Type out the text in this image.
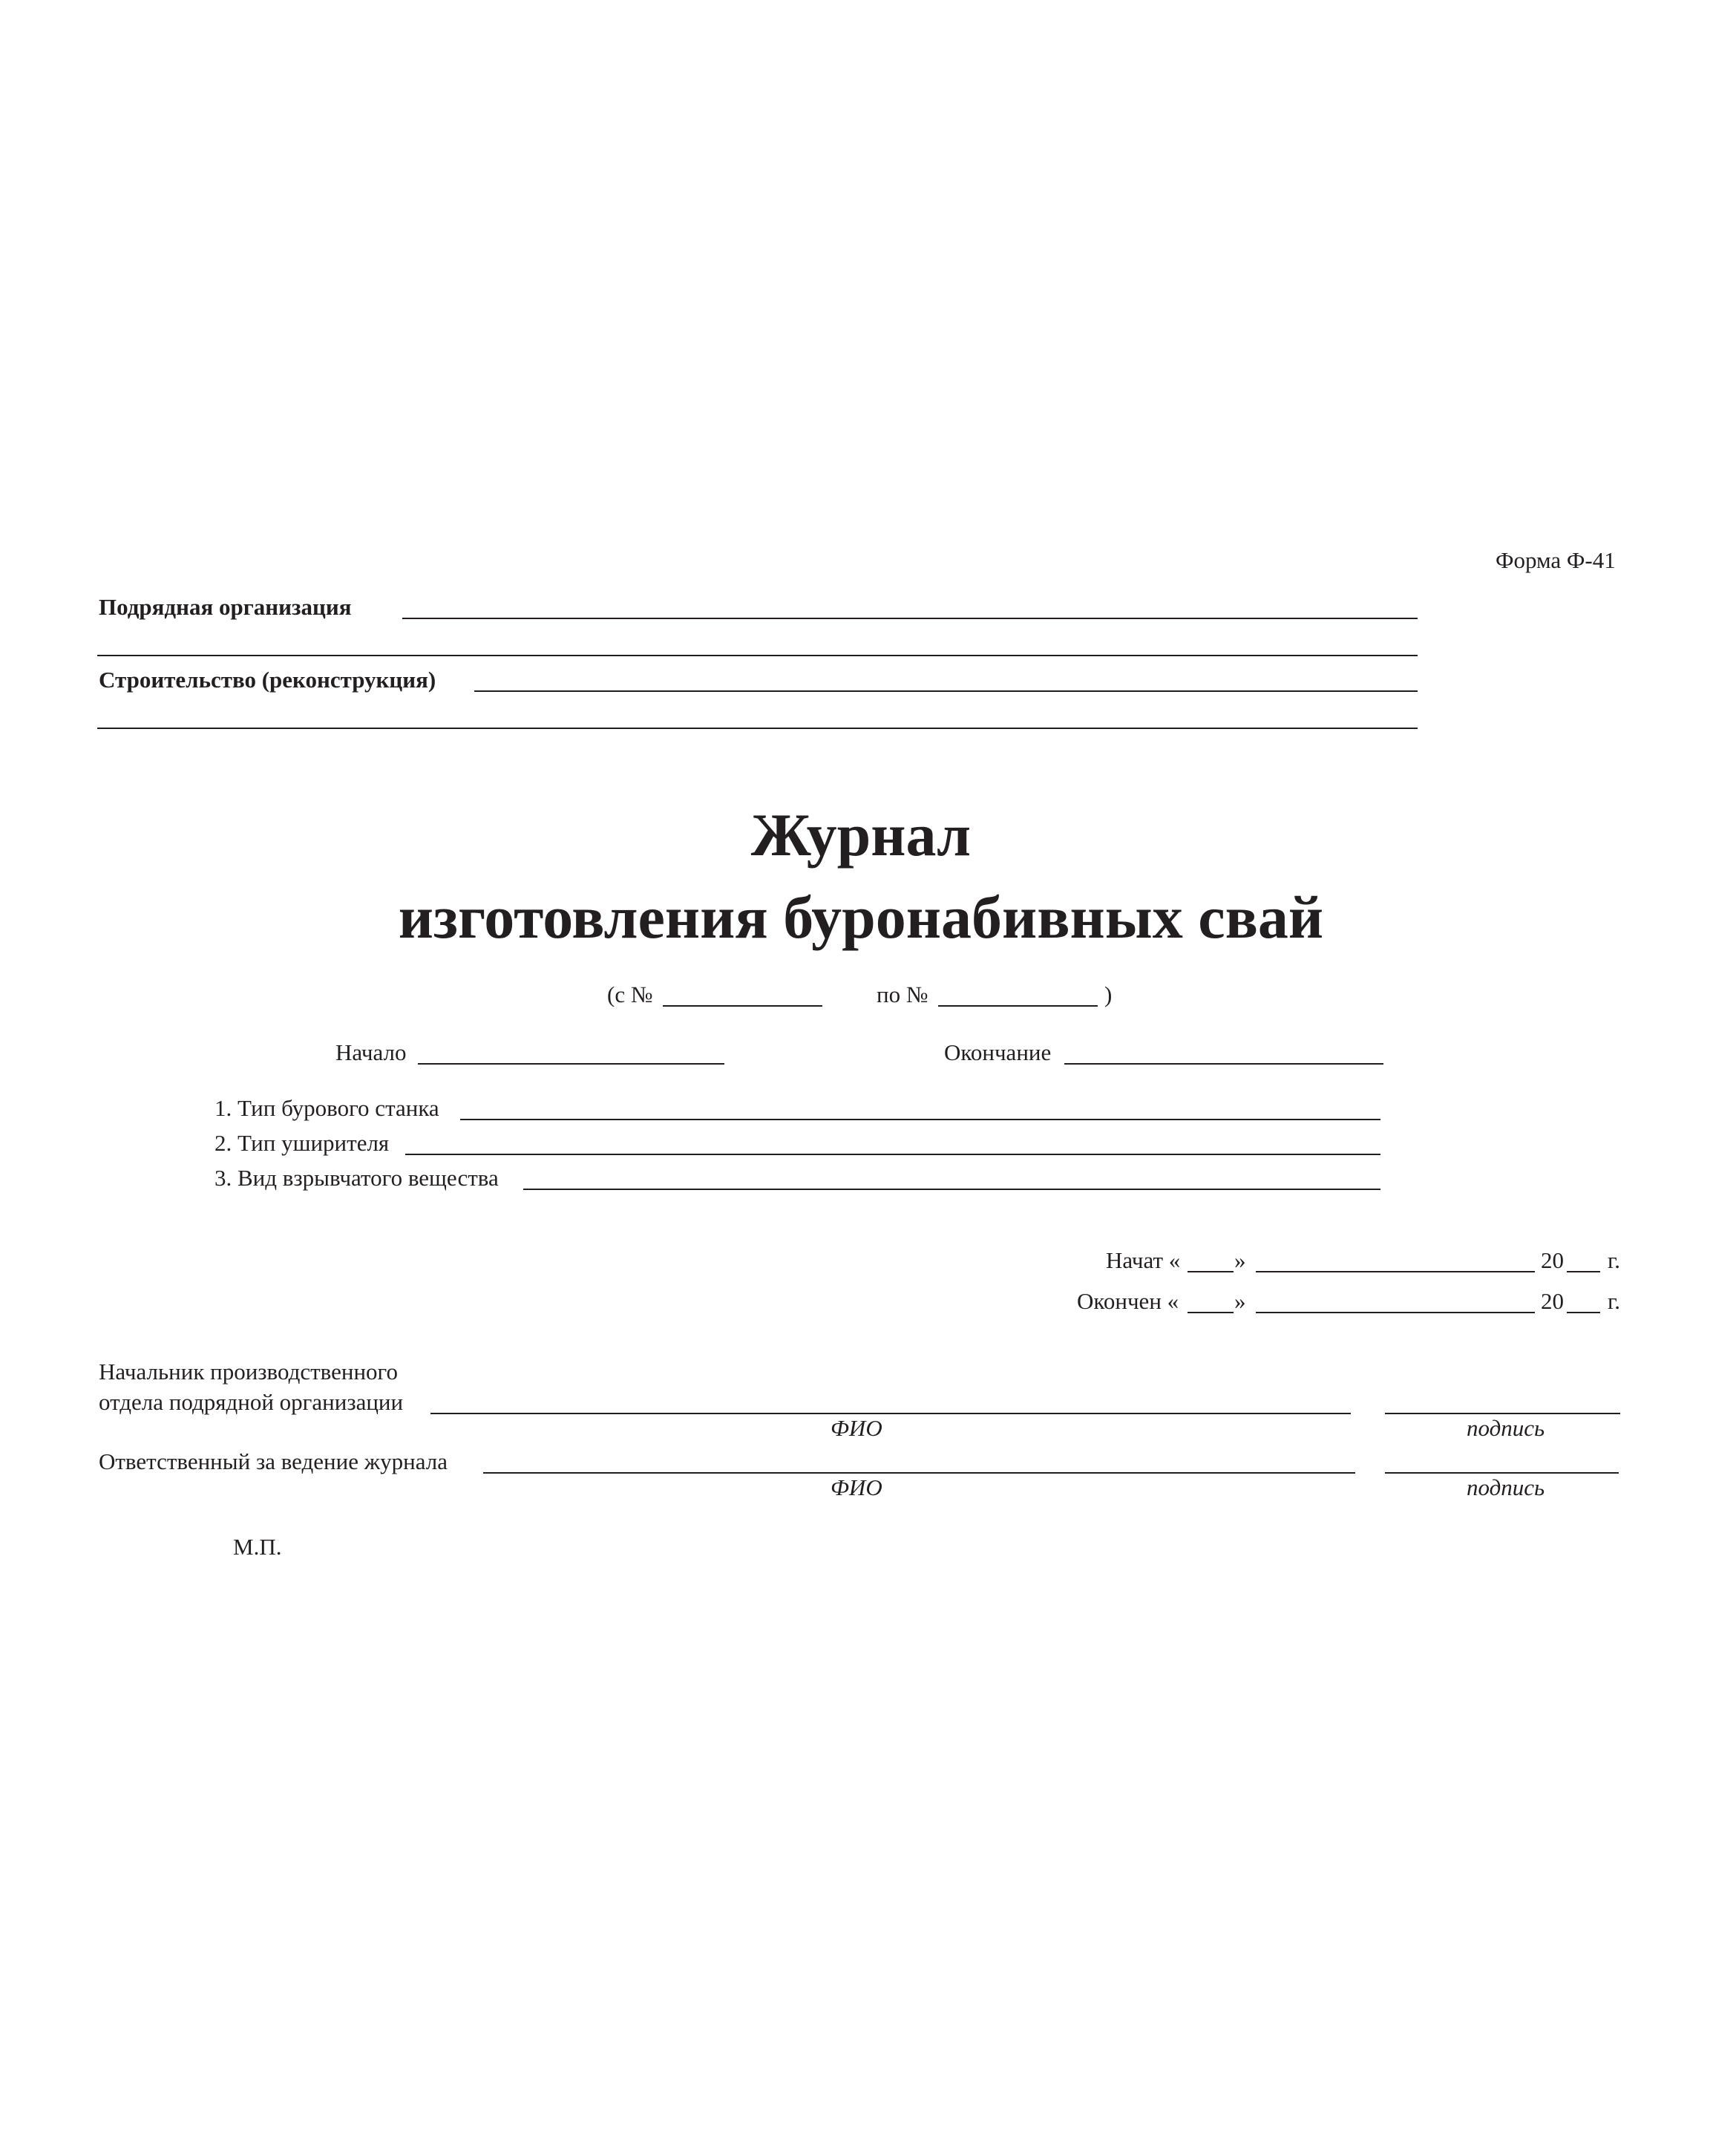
Форма Ф-41
Подрядная организация
Строительство (реконструкция)
Журнал
изготовления буронабивных свай
(с №	по №	)
Начало	Окончание
1. Тип бурового станка
2. Тип уширителя
3. Вид взрывчатого вещества
Начат « »	20 г.
Окончен « »	20 г.
Начальник производственного
отдела подрядной организации
ФИО	подпись
Ответственный за ведение журнала
ФИО	подпись
М.П.
